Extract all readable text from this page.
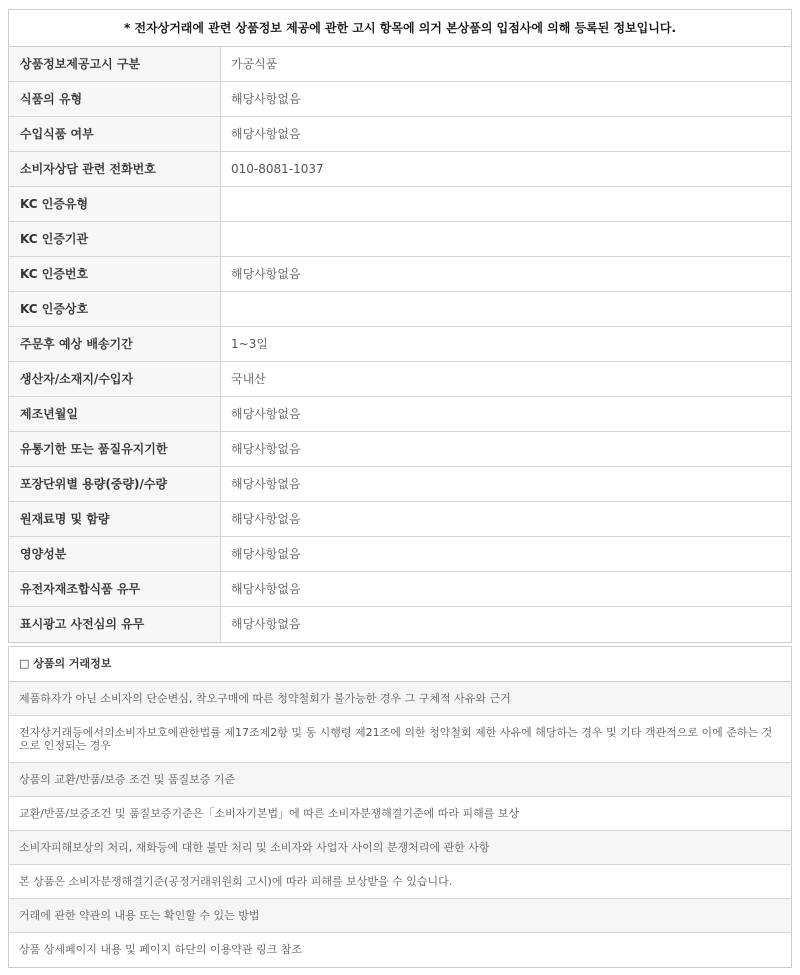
* 전자상거래에 관련 상품정보 제공에 관한 고시 항목에 의거 본상품의 입점사에 의해 등록된 정보입니다.
상품정보제공고시 구분	가공식품
식품의 유형	해당사항없음
수입식품 여부	해당사항없음
소비자상담 관련 전화번호	010-8081-1037
KC 인증유형
KC 인증기관
KC 인증번호	해당사항없음
KC 인증상호
주문후 예상 배송기간	1~3일
생산자/소재지/수입자	국내산
제조년월일	해당사항없음
유통기한 또는 품질유지기한	해당사항없음
포장단위별 용량(중량)/수량	해당사항없음
원재료명 및 함량	해당사항없음
영양성분	해당사항없음
유전자재조합식품 유무	해당사항없음
표시광고 사전심의 유무	해당사항없음
□ 상품의 거래정보
제품하자가 아닌 소비자의 단순변심, 착오구매에 따른 청약철회가 불가능한 경우 그 구체적 사유와 근거
전자상거래등에서의소비자보호에관한법률 제17조제2항 및 동 시행령 제21조에 의한 청약철회 제한 사유에 해당하는 경우 및 기타 객관적으로 이에 준하는 것으로 인정되는 경우
상품의 교환/반품/보증 조건 및 품질보증 기준
교환/반품/보증조건 및 품질보증기준은「소비자기본법」에 따른 소비자분쟁해결기준에 따라 피해를 보상
소비자피해보상의 처리, 재화등에 대한 불만 처리 및 소비자와 사업자 사이의 분쟁처리에 관한 사항
본 상품은 소비자분쟁해결기준(공정거래위원회 고시)에 따라 피해를 보상받을 수 있습니다.
거래에 관한 약관의 내용 또는 확인할 수 있는 방법
상품 상세페이지 내용 및 페이지 하단의 이용약관 링크 참조
